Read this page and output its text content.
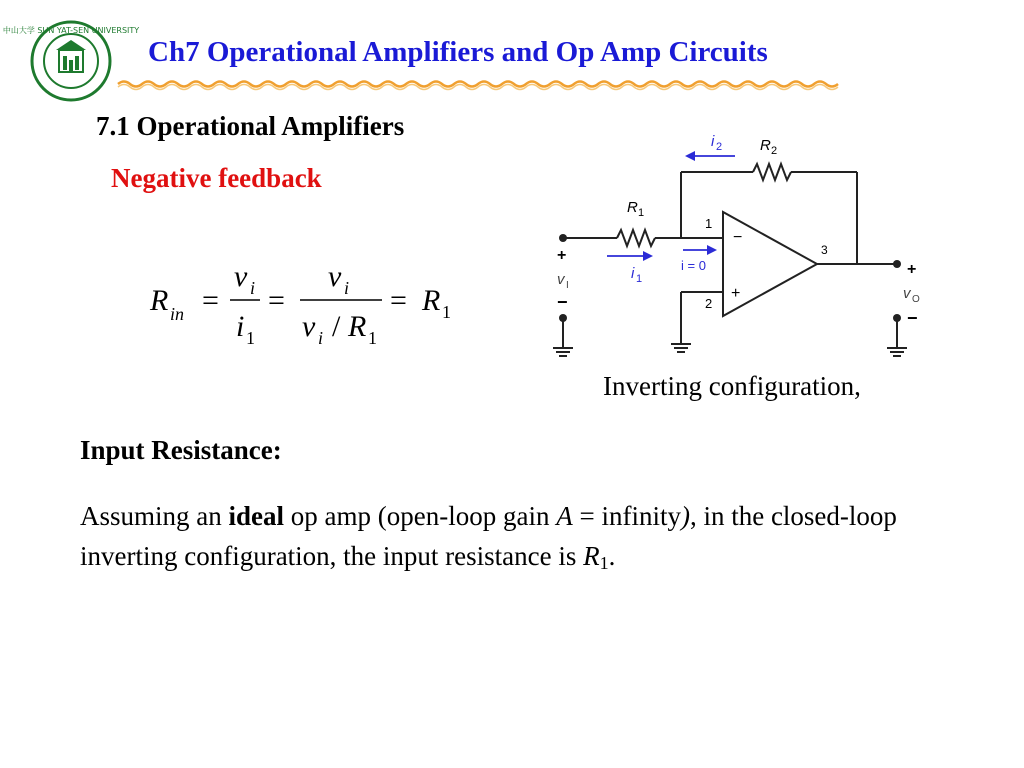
中山大学 SUN YAT-SEN UNIVERSITY
Ch7 Operational Amplifiers and Op Amp Circuits
7.1 Operational Amplifiers
Negative feedback
R in =
v i
i 1
=
v i
v i / R 1
= R 1
i 2	R 2
R 1
1
2
3
i = 0
i 1
−
+
+
v I
−
+
v O
−
Inverting configuration,
Input Resistance:
Assuming an ideal op amp (open-loop gain A = infinity), in the closed-loop inverting configuration, the input resistance is $R_1$.
